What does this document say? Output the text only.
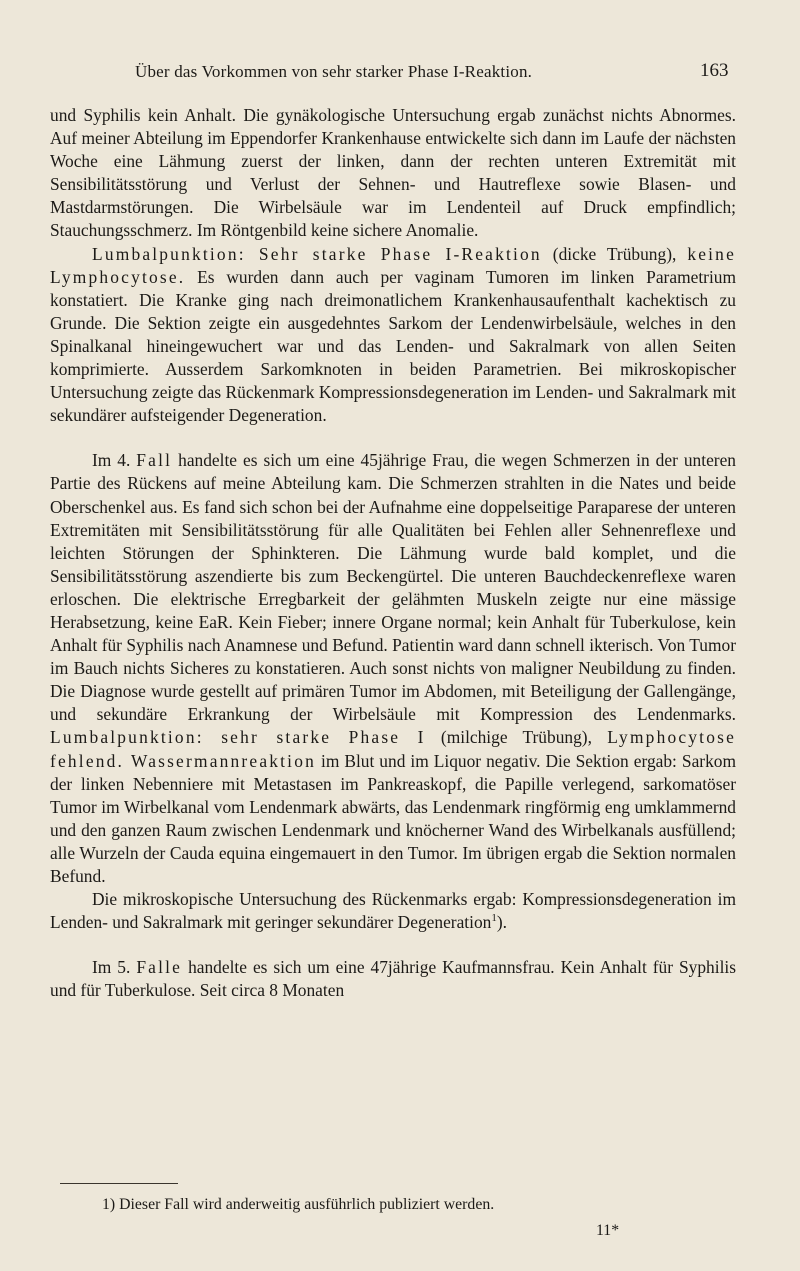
Über das Vorkommen von sehr starker Phase I-Reaktion.	163

und Syphilis kein Anhalt. Die gynäkologische Untersuchung ergab zunächst nichts Abnormes. Auf meiner Abteilung im Eppendorfer Krankenhause entwickelte sich dann im Laufe der nächsten Woche eine Lähmung zuerst der linken, dann der rechten unteren Extremität mit Sensibilitätsstörung und Verlust der Sehnen- und Hautreflexe sowie Blasen- und Mastdarmstörungen. Die Wirbelsäule war im Lendenteil auf Druck empfindlich; Stauchungsschmerz. Im Röntgenbild keine sichere Anomalie.

Lumbalpunktion: Sehr starke Phase I-Reaktion (dicke Trübung), keine Lymphocytose. Es wurden dann auch per vaginam Tumoren im linken Parametrium konstatiert. Die Kranke ging nach dreimonatlichem Krankenhausaufenthalt kachektisch zu Grunde. Die Sektion zeigte ein ausgedehntes Sarkom der Lendenwirbelsäule, welches in den Spinalkanal hineingewuchert war und das Lenden- und Sakralmark von allen Seiten komprimierte. Ausserdem Sarkomknoten in beiden Parametrien. Bei mikroskopischer Untersuchung zeigte das Rückenmark Kompressionsdegeneration im Lenden- und Sakralmark mit sekundärer aufsteigender Degeneration.

Im 4. Fall handelte es sich um eine 45jährige Frau, die wegen Schmerzen in der unteren Partie des Rückens auf meine Abteilung kam. Die Schmerzen strahlten in die Nates und beide Oberschenkel aus. Es fand sich schon bei der Aufnahme eine doppelseitige Paraparese der unteren Extremitäten mit Sensibilitätsstörung für alle Qualitäten bei Fehlen aller Sehnenreflexe und leichten Störungen der Sphinkteren. Die Lähmung wurde bald komplet, und die Sensibilitätsstörung aszendierte bis zum Beckengürtel. Die unteren Bauchdeckenreflexe waren erloschen. Die elektrische Erregbarkeit der gelähmten Muskeln zeigte nur eine mässige Herabsetzung, keine EaR. Kein Fieber; innere Organe normal; kein Anhalt für Tuberkulose, kein Anhalt für Syphilis nach Anamnese und Befund. Patientin ward dann schnell ikterisch. Von Tumor im Bauch nichts Sicheres zu konstatieren. Auch sonst nichts von maligner Neubildung zu finden. Die Diagnose wurde gestellt auf primären Tumor im Abdomen, mit Beteiligung der Gallengänge, und sekundäre Erkrankung der Wirbelsäule mit Kompression des Lendenmarks. Lumbalpunktion: sehr starke Phase I (milchige Trübung), Lymphocytose fehlend. Wassermannreaktion im Blut und im Liquor negativ. Die Sektion ergab: Sarkom der linken Nebenniere mit Metastasen im Pankreaskopf, die Papille verlegend, sarkomatöser Tumor im Wirbelkanal vom Lendenmark abwärts, das Lendenmark ringförmig eng umklammernd und den ganzen Raum zwischen Lendenmark und knöcherner Wand des Wirbelkanals ausfüllend; alle Wurzeln der Cauda equina eingemauert in den Tumor. Im übrigen ergab die Sektion normalen Befund.

Die mikroskopische Untersuchung des Rückenmarks ergab: Kompressionsdegeneration im Lenden- und Sakralmark mit geringer sekundärer Degeneration$^1$).

Im 5. Falle handelte es sich um eine 47jährige Kaufmannsfrau. Kein Anhalt für Syphilis und für Tuberkulose. Seit circa 8 Monaten

1) Dieser Fall wird anderweitig ausführlich publiziert werden.
11*
